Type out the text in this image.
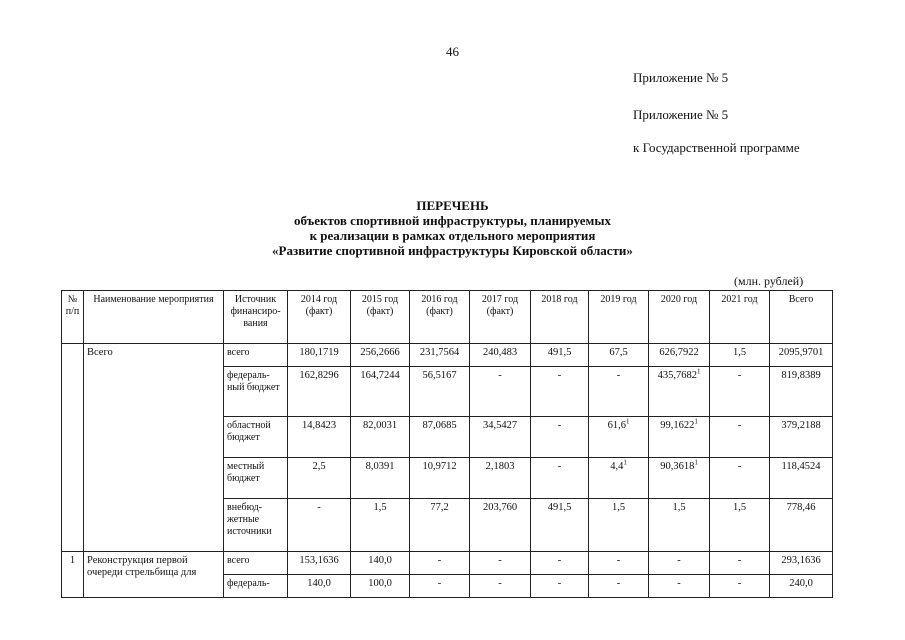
46
Приложение № 5
Приложение № 5
к Государственной программе
ПЕРЕЧЕНЬ
объектов спортивной инфраструктуры, планируемых
к реализации в рамках отдельного мероприятия
«Развитие спортивной инфраструктуры Кировской области»
(млн. рублей)
№ п/п	Наименование мероприятия	Источник финансиро-вания	2014 год (факт)	2015 год (факт)	2016 год (факт)	2017 год (факт)	2018 год	2019 год	2020 год	2021 год	Всего
	Всего	всего	180,1719	256,2666	231,7564	240,483	491,5	67,5	626,7922	1,5	2095,9701
		федераль-ный бюджет	162,8296	164,7244	56,5167	-	-	-	435,7682$^1$	-	819,8389
		областной бюджет	14,8423	82,0031	87,0685	34,5427	-	61,6$^1$	99,1622$^1$	-	379,2188
		местный бюджет	2,5	8,0391	10,9712	2,1803	-	$4,4^1$	90,3618$^1$	-	118,4524
		внебюд-жетные источники	-	1,5	77,2	203,760	491,5	1,5	1,5	1,5	778,46
1	Реконструкция первой очереди стрельбища для	всего	153,1636	140,0	-	-	-	-	-	-	293,1636
		федераль-	140,0	100,0	-	-	-	-	-	-	240,0
